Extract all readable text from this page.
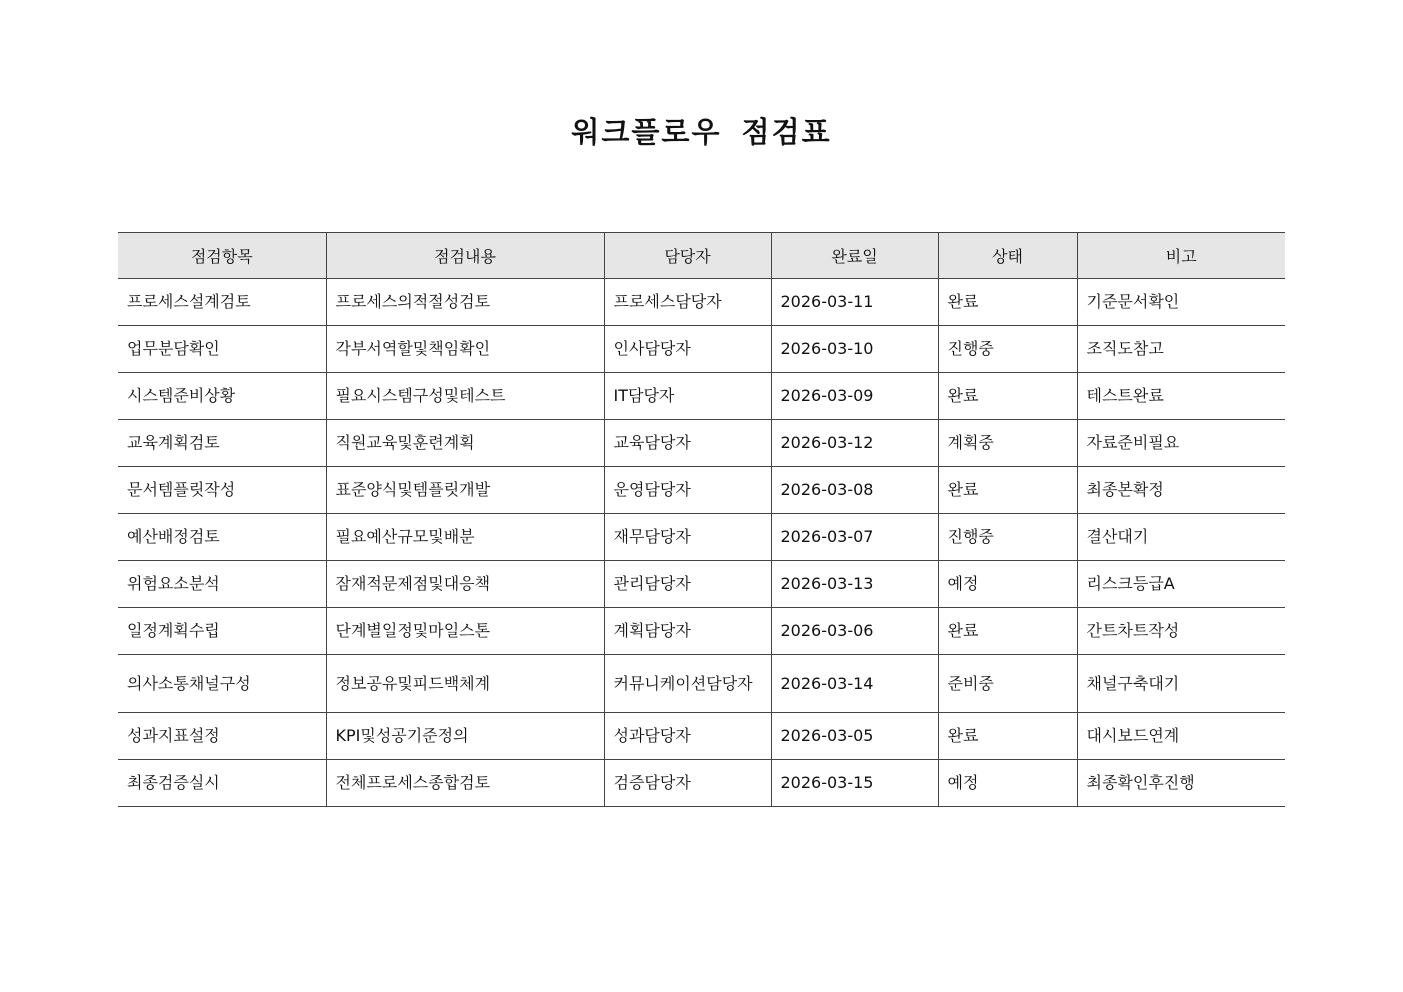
워크플로우 점검표
점검항목	점검내용	담당자	완료일	상태	비고
프로세스설계검토	프로세스의적절성검토	프로세스담당자	2026-03-11	완료	기준문서확인
업무분담확인	각부서역할및책임확인	인사담당자	2026-03-10	진행중	조직도참고
시스템준비상황	필요시스템구성및테스트	IT담당자	2026-03-09	완료	테스트완료
교육계획검토	직원교육및훈련계획	교육담당자	2026-03-12	계획중	자료준비필요
문서템플릿작성	표준양식및템플릿개발	운영담당자	2026-03-08	완료	최종본확정
예산배정검토	필요예산규모및배분	재무담당자	2026-03-07	진행중	결산대기
위험요소분석	잠재적문제점및대응책	관리담당자	2026-03-13	예정	리스크등급A
일정계획수립	단계별일정및마일스톤	계획담당자	2026-03-06	완료	간트차트작성
의사소통채널구성	정보공유및피드백체계	커뮤니케이션담당자	2026-03-14	준비중	채널구축대기
성과지표설정	KPI및성공기준정의	성과담당자	2026-03-05	완료	대시보드연계
최종검증실시	전체프로세스종합검토	검증담당자	2026-03-15	예정	최종확인후진행
